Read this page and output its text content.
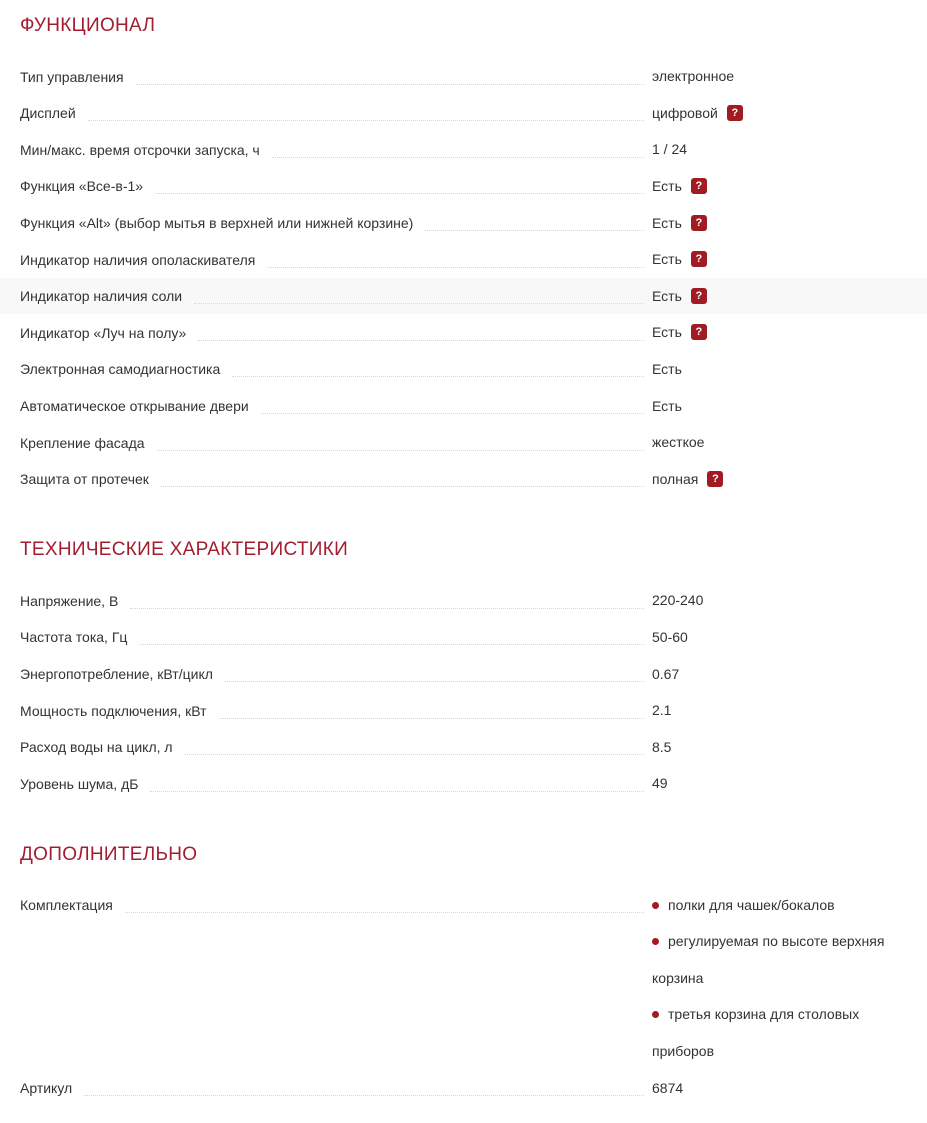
ФУНКЦИОНАЛ
Тип управления	электронное
Дисплей	цифровой	?
Мин/макс. время отсрочки запуска, ч	1 / 24
Функция «Все-в-1»	Есть	?
Функция «Alt» (выбор мытья в верхней или нижней корзине)	Есть	?
Индикатор наличия ополаскивателя	Есть	?
Индикатор наличия соли	Есть	?
Индикатор «Луч на полу»	Есть	?
Электронная самодиагностика	Есть
Автоматическое открывание двери	Есть
Крепление фасада	жесткое
Защита от протечек	полная	?
ТЕХНИЧЕСКИЕ ХАРАКТЕРИСТИКИ
Напряжение, В	220-240
Частота тока, Гц	50-60
Энергопотребление, кВт/цикл	0.67
Мощность подключения, кВт	2.1
Расход воды на цикл, л	8.5
Уровень шума, дБ	49
ДОПОЛНИТЕЛЬНО
Комплектация	полки для чашек/бокалов
регулируемая по высоте верхняя корзина
третья корзина для столовых приборов
Артикул	6874
